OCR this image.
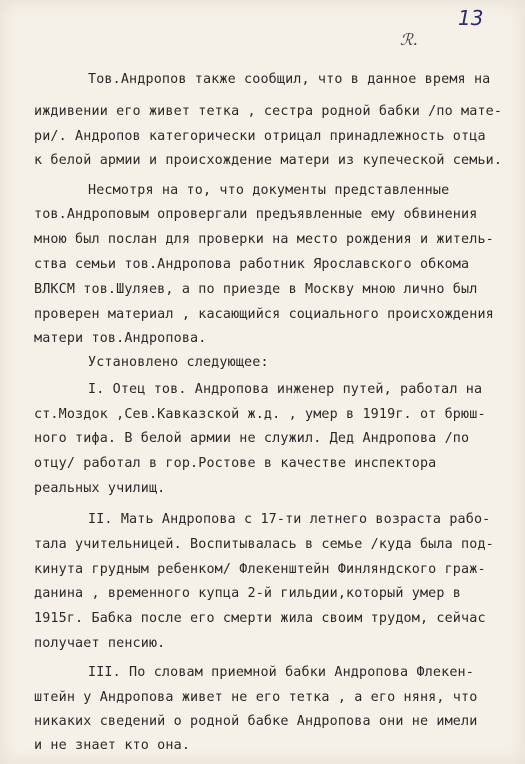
13
ℛ.
Тов.Андропов также сообщил, что в данное время на
иждивении его живет тетка , сестра родной бабки /по мате-
ри/. Андропов категорически отрицал принадлежность отца
к белой армии и происхождение матери из купеческой семьи.
Несмотря на то, что документы представленные
тов.Андроповым опровергали предъявленные ему обвинения
мною был послан для проверки на место рождения и житель-
ства семьи тов.Андропова работник Ярославского обкома
ВЛКСМ тов.Шуляев, а по приезде в Москву мною лично был
проверен материал , касающийся социального происхождения
матери тов.Андропова.
Установлено следующее:
I. Отец тов. Андропова инженер путей, работал на
ст.Моздок ,Сев.Кавказской ж.д. , умер в 1919г. от брюш-
ного тифа. В белой армии не служил. Дед Андропова /по
отцу/ работал в гор.Ростове в качестве инспектора
реальных училищ.
II. Мать Андропова с 17-ти летнего возраста рабо-
тала учительницей. Воспитывалась в семье /куда была под-
кинута грудным ребенком/ Флекенштейн Финляндского граж-
данина , временного купца 2-й гильдии,который умер в
1915г. Бабка после его смерти жила своим трудом, сейчас
получает пенсию.
III. По словам приемной бабки Андропова Флекен-
штейн у Андропова живет не его тетка , а его няня, что
никаких сведений о родной бабке Андропова они не имели
и не знает кто она.
